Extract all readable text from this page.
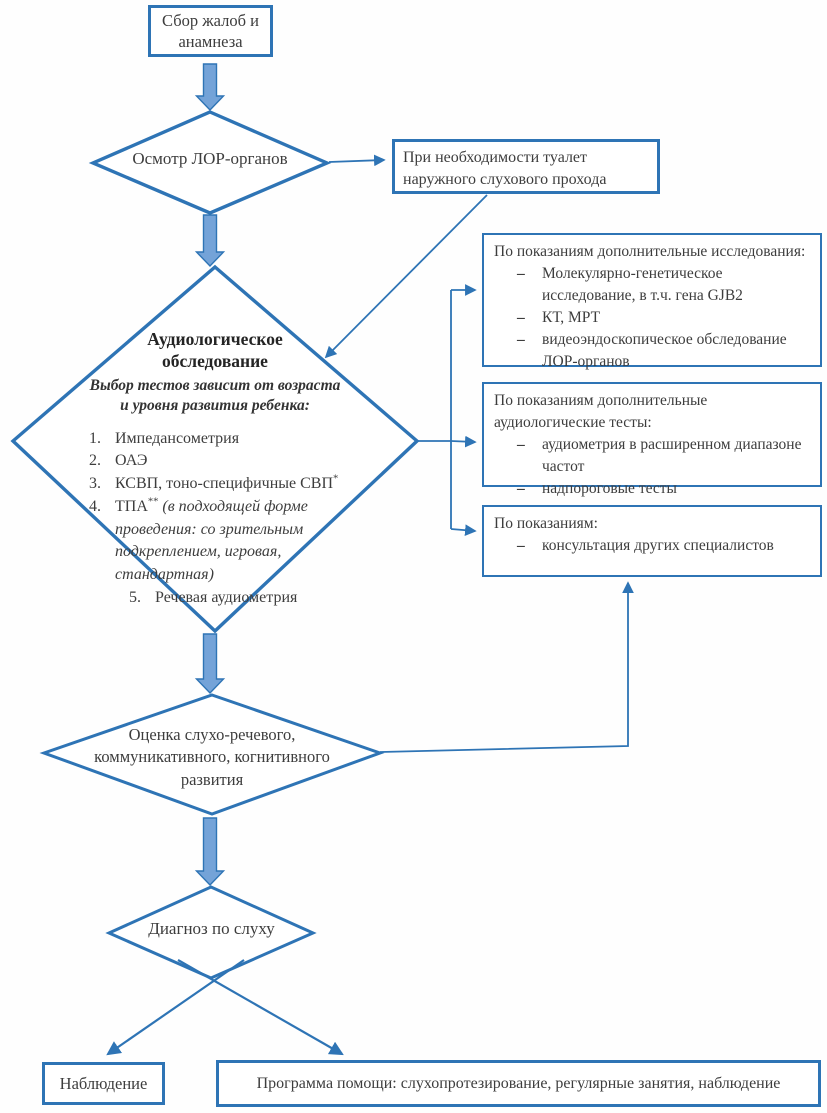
Сбор жалоб и анамнеза
Осмотр ЛОР-органов	При необходимости туалет наружного слухового прохода
Аудиологическое обследование
Выбор тестов зависит от возраста и уровня развития ребенка:
1. Импедансометрия
2. ОАЭ
3. КСВП, тоно-специфичные СВП*
4. ТПА** (в подходящей форме проведения: со зрительным подкреплением, игровая, стандартная)
5. Речевая аудиометрия
По показаниям дополнительные исследования:
–	Молекулярно-генетическое исследование, в т.ч. гена GJB2
–	КТ, МРТ
–	видеоэндоскопическое обследование ЛОР-органов
По показаниям дополнительные аудиологические тесты:
–	аудиометрия в расширенном диапазоне частот
–	надпороговые тесты
По показаниям:
–	консультация других специалистов
Оценка слухо-речевого, коммуникативного, когнитивного развития
Диагноз по слуху
Наблюдение	Программа помощи: слухопротезирование, регулярные занятия, наблюдение
